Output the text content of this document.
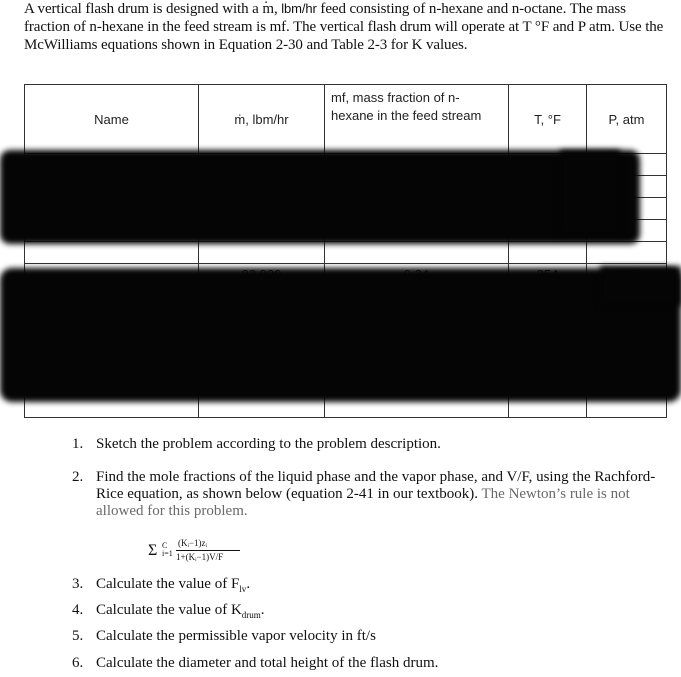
A vertical flash drum is designed with a . m, lbm/hr feed consisting of n-hexane and n-octane. The mass fraction of n-hexane in the feed stream is mf. The vertical flash drum will operate at T °F and P atm. Use the McWilliams equations shown in Equation 2-30 and Table 2-3 for K values.
Name	ṁ, lbm/hr	mf, mass fraction of n-hexane in the feed stream	T, °F	P, atm

1. Sketch the problem according to the problem description.
2. Find the mole fractions of the liquid phase and the vapor phase, and V/F, using the Rachford-Rice equation, as shown below (equation 2-41 in our textbook). The Newton’s rule is not allowed for this problem.
3. Calculate the value of $F_{lv}$.
4. Calculate the value of $K_{drum}$.
5. Calculate the permissible vapor velocity in ft/s
6. Calculate the diameter and total height of the flash drum.
Σ C
i=1
(Kᵢ−1)zᵢ
1+(Kᵢ−1)V/F
